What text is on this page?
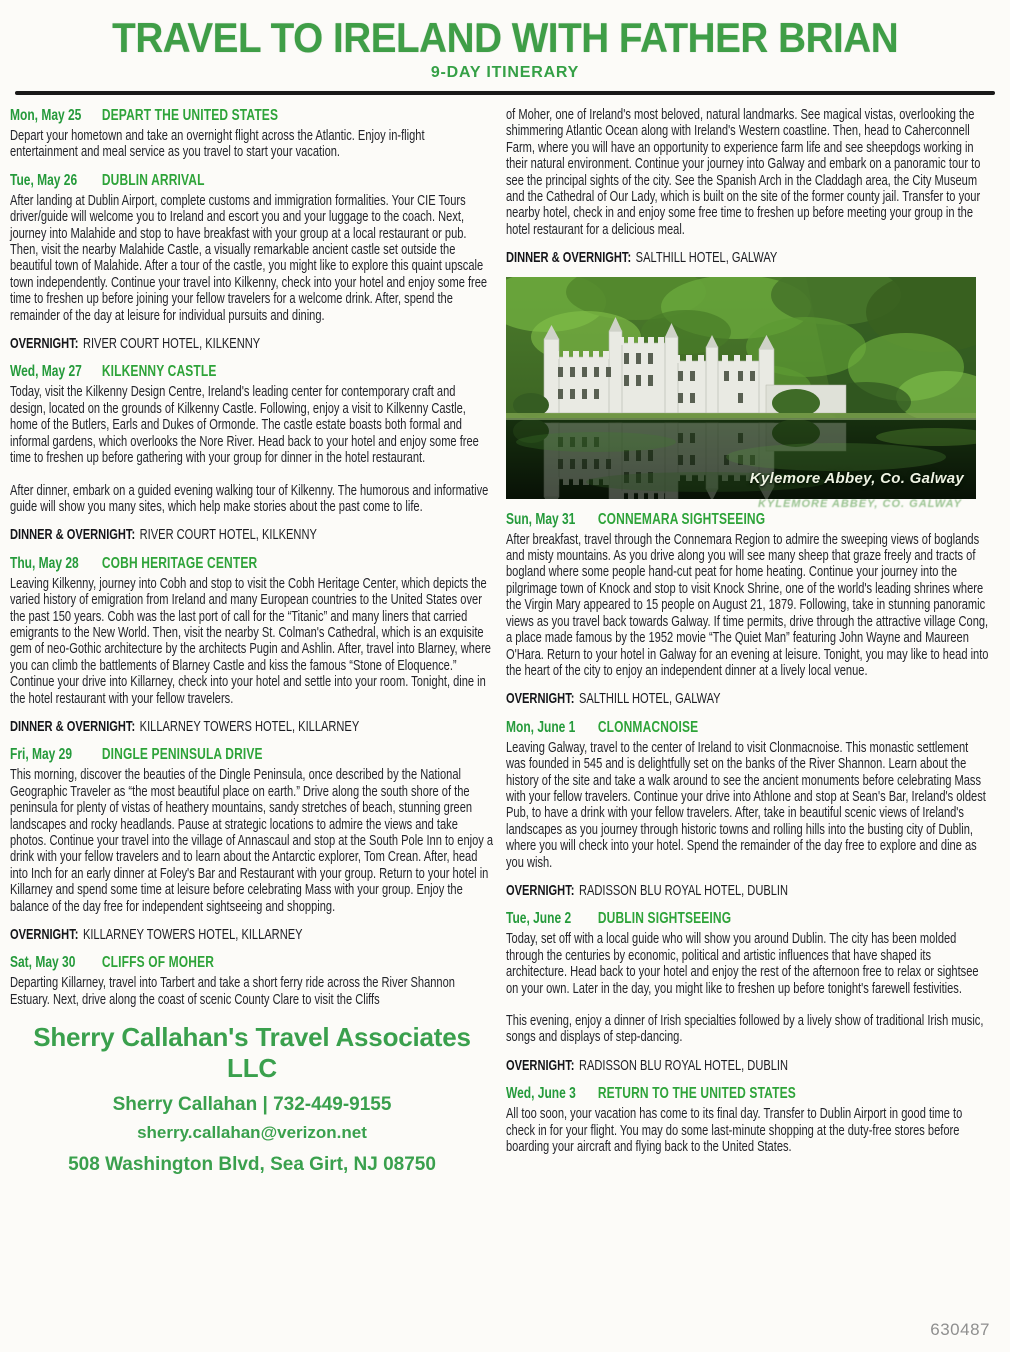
TRAVEL TO IRELAND WITH FATHER BRIAN
9-DAY ITINERARY
Mon, May 25 DEPART THE UNITED STATES

Depart your hometown and take an overnight flight across the Atlantic. Enjoy in-flight entertainment and meal service as you travel to start your vacation.

Tue, May 26 DUBLIN ARRIVAL

After landing at Dublin Airport, complete customs and immigration formalities. Your CIE Tours driver/guide will welcome you to Ireland and escort you and your luggage to the coach. Next, journey into Malahide and stop to have breakfast with your group at a local restaurant or pub. Then, visit the nearby Malahide Castle, a visually remarkable ancient castle set outside the beautiful town of Malahide. After a tour of the castle, you might like to explore this quaint upscale town independently. Continue your travel into Kilkenny, check into your hotel and enjoy some free time to freshen up before joining your fellow travelers for a welcome drink. After, spend the remainder of the day at leisure for individual pursuits and dining.

OVERNIGHT: RIVER COURT HOTEL, KILKENNY
Wed, May 27 KILKENNY CASTLE

Today, visit the Kilkenny Design Centre, Ireland's leading center for contemporary craft and design, located on the grounds of Kilkenny Castle. Following, enjoy a visit to Kilkenny Castle, home of the Butlers, Earls and Dukes of Ormonde. The castle estate boasts both formal and informal gardens, which overlooks the Nore River. Head back to your hotel and enjoy some free time to freshen up before gathering with your group for dinner in the hotel restaurant.

After dinner, embark on a guided evening walking tour of Kilkenny. The humorous and informative guide will show you many sites, which help make stories about the past come to life.

DINNER & OVERNIGHT: RIVER COURT HOTEL, KILKENNY
Thu, May 28 COBH HERITAGE CENTER

Leaving Kilkenny, journey into Cobh and stop to visit the Cobh Heritage Center, which depicts the varied history of emigration from Ireland and many European countries to the United States over the past 150 years. Cobh was the last port of call for the “Titanic” and many liners that carried emigrants to the New World. Then, visit the nearby St. Colman's Cathedral, which is an exquisite gem of neo-Gothic architecture by the architects Pugin and Ashlin. After, travel into Blarney, where you can climb the battlements of Blarney Castle and kiss the famous “Stone of Eloquence.” Continue your drive into Killarney, check into your hotel and settle into your room. Tonight, dine in the hotel restaurant with your fellow travelers.

DINNER & OVERNIGHT: KILLARNEY TOWERS HOTEL, KILLARNEY
Fri, May 29 DINGLE PENINSULA DRIVE

This morning, discover the beauties of the Dingle Peninsula, once described by the National Geographic Traveler as “the most beautiful place on earth.” Drive along the south shore of the peninsula for plenty of vistas of heathery mountains, sandy stretches of beach, stunning green landscapes and rocky headlands. Pause at strategic locations to admire the views and take photos. Continue your travel into the village of Annascaul and stop at the South Pole Inn to enjoy a drink with your fellow travelers and to learn about the Antarctic explorer, Tom Crean. After, head into Inch for an early dinner at Foley's Bar and Restaurant with your group. Return to your hotel in Killarney and spend some time at leisure before celebrating Mass with your group. Enjoy the balance of the day free for independent sightseeing and shopping.

OVERNIGHT: KILLARNEY TOWERS HOTEL, KILLARNEY
Sat, May 30 CLIFFS OF MOHER

Departing Killarney, travel into Tarbert and take a short ferry ride across the River Shannon Estuary. Next, drive along the coast of scenic County Clare to visit the Cliffs

Sherry Callahan's Travel Associates LLC
Sherry Callahan | 732-449-9155
sherry.callahan@verizon.net
508 Washington Blvd, Sea Girt, NJ 08750

of Moher, one of Ireland's most beloved, natural landmarks. See magical vistas, overlooking the shimmering Atlantic Ocean along with Ireland's Western coastline. Then, head to Caherconnell Farm, where you will have an opportunity to experience farm life and see sheepdogs working in their natural environment. Continue your journey into Galway and embark on a panoramic tour to see the principal sights of the city. See the Spanish Arch in the Claddagh area, the City Museum and the Cathedral of Our Lady, which is built on the site of the former county jail. Transfer to your nearby hotel, check in and enjoy some free time to freshen up before meeting your group in the hotel restaurant for a delicious meal.

DINNER & OVERNIGHT: SALTHILL HOTEL, GALWAY
Kylemore Abbey, Co. Galway
KYLEMORE ABBEY, CO. GALWAY
Sun, May 31 CONNEMARA SIGHTSEEING

After breakfast, travel through the Connemara Region to admire the sweeping views of boglands and misty mountains. As you drive along you will see many sheep that graze freely and tracts of bogland where some people hand-cut peat for home heating. Continue your journey into the pilgrimage town of Knock and stop to visit Knock Shrine, one of the world's leading shrines where the Virgin Mary appeared to 15 people on August 21, 1879. Following, take in stunning panoramic views as you travel back towards Galway. If time permits, drive through the attractive village Cong, a place made famous by the 1952 movie “The Quiet Man” featuring John Wayne and Maureen O'Hara. Return to your hotel in Galway for an evening at leisure. Tonight, you may like to head into the heart of the city to enjoy an independent dinner at a lively local venue.

OVERNIGHT: SALTHILL HOTEL, GALWAY
Mon, June 1 CLONMACNOISE

Leaving Galway, travel to the center of Ireland to visit Clonmacnoise. This monastic settlement was founded in 545 and is delightfully set on the banks of the River Shannon. Learn about the history of the site and take a walk around to see the ancient monuments before celebrating Mass with your fellow travelers. Continue your drive into Athlone and stop at Sean's Bar, Ireland's oldest Pub, to have a drink with your fellow travelers. After, take in beautiful scenic views of Ireland's landscapes as you journey through historic towns and rolling hills into the busting city of Dublin, where you will check into your hotel. Spend the remainder of the day free to explore and dine as you wish.

OVERNIGHT: RADISSON BLU ROYAL HOTEL, DUBLIN
Tue, June 2 DUBLIN SIGHTSEEING

Today, set off with a local guide who will show you around Dublin. The city has been molded through the centuries by economic, political and artistic influences that have shaped its architecture. Head back to your hotel and enjoy the rest of the afternoon free to relax or sightsee on your own. Later in the day, you might like to freshen up before tonight's farewell festivities.

This evening, enjoy a dinner of Irish specialties followed by a lively show of traditional Irish music, songs and displays of step-dancing.

OVERNIGHT: RADISSON BLU ROYAL HOTEL, DUBLIN
Wed, June 3 RETURN TO THE UNITED STATES

All too soon, your vacation has come to its final day. Transfer to Dublin Airport in good time to check in for your flight. You may do some last-minute shopping at the duty-free stores before boarding your aircraft and flying back to the United States.

630487
